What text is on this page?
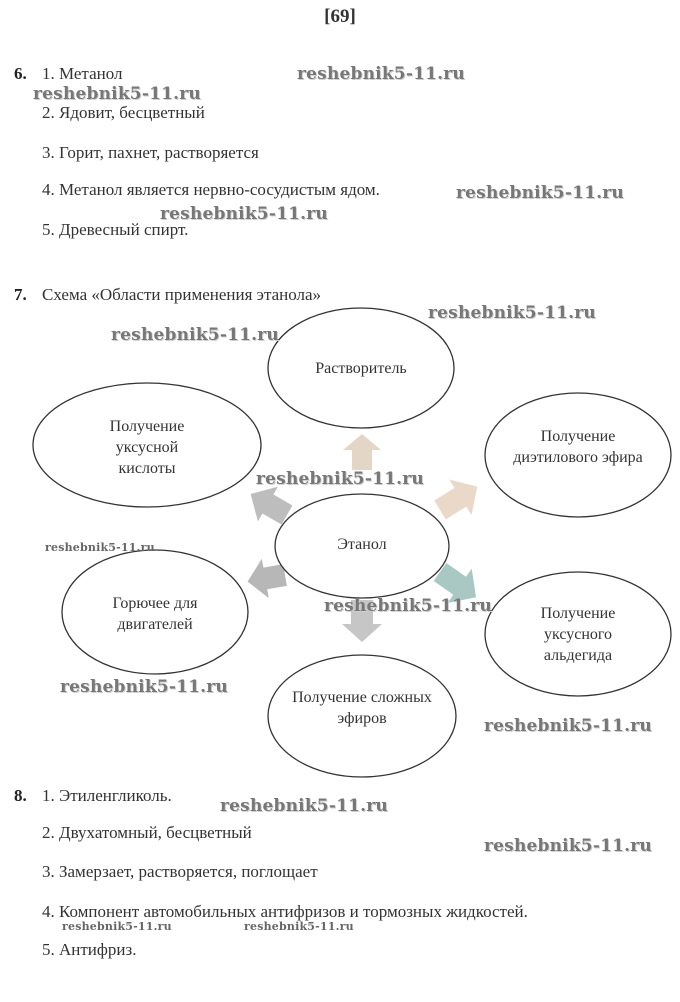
[69]
6. 1. Метанол
2. Ядовит, бесцветный
3. Горит, пахнет, растворяется
4. Метанол является нервно-сосудистым ядом.
5. Древесный спирт.
7. Схема «Области применения этанола»
Растворитель
Получение диэтилового эфира
Получение уксусного альдегида
Получение сложных эфиров
Горючее для двигателей
Получение уксусной кислоты
Этанол
8. 1. Этиленгликоль.
2. Двухатомный, бесцветный
3. Замерзает, растворяется, поглощает
4. Компонент автомобильных антифризов и тормозных жидкостей.
5. Антифриз.
reshebnik5-11.ru
reshebnik5-11.ru
reshebnik5-11.ru
reshebnik5-11.ru
reshebnik5-11.ru
reshebnik5-11.ru
reshebnik5-11.ru
reshebnik5-11.ru
reshebnik5-11.ru
reshebnik5-11.ru
reshebnik5-11.ru
reshebnik5-11.ru
reshebnik5-11.ru
reshebnik5-11.ru	reshebnik5-11.ru
